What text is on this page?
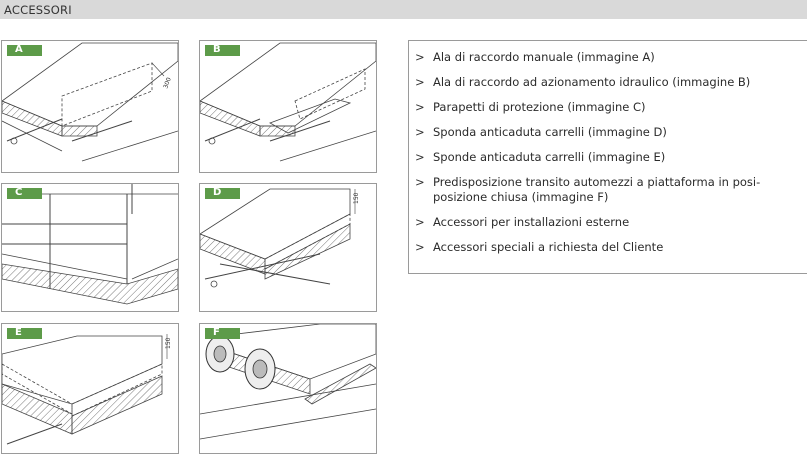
ACCESSORI
A
300
B
C	D
150
E
150
F
> Ala di raccordo manuale (immagine A)
> Ala di raccordo ad azionamento idraulico (immagine B)
> Parapetti di protezione (immagine C)
> Sponda anticaduta carrelli (immagine D)
> Sponde anticaduta carrelli (immagine E)
> Predisposizione transito automezzi a piattaforma in posi-posizione chiusa (immagine F)
> Accessori per installazioni esterne
> Accessori speciali a richiesta del Cliente
